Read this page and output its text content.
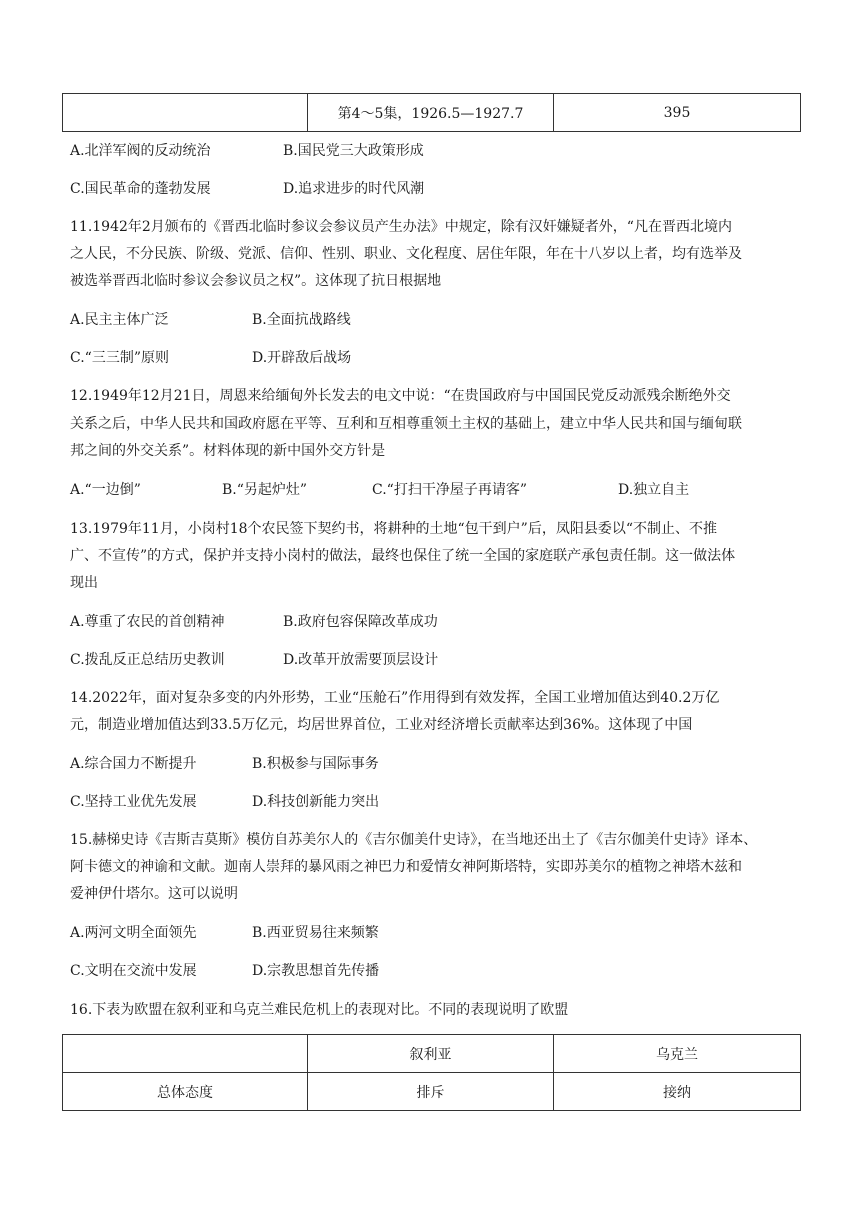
	第4～5集，1926.5—1927.7	395
A.北洋军阀的反动统治	B.国民党三大政策形成
C.国民革命的蓬勃发展	D.追求进步的时代风潮
11.1942年2月颁布的《晋西北临时参议会参议员产生办法》中规定，除有汉奸嫌疑者外，“凡在晋西北境内
之人民，不分民族、阶级、党派、信仰、性别、职业、文化程度、居住年限，年在十八岁以上者，均有选举及
被选举晋西北临时参议会参议员之权”。这体现了抗日根据地
A.民主主体广泛	B.全面抗战路线
C.“三三制”原则	D.开辟敌后战场
12.1949年12月21日，周恩来给缅甸外长发去的电文中说：“在贵国政府与中国国民党反动派残余断绝外交
关系之后，中华人民共和国政府愿在平等、互利和互相尊重领土主权的基础上，建立中华人民共和国与缅甸联
邦之间的外交关系”。材料体现的新中国外交方针是
A.“一边倒”	B.“另起炉灶”	C.“打扫干净屋子再请客”	D.独立自主
13.1979年11月，小岗村18个农民签下契约书，将耕种的土地“包干到户”后，凤阳县委以“不制止、不推
广、不宣传”的方式，保护并支持小岗村的做法，最终也保住了统一全国的家庭联产承包责任制。这一做法体
现出
A.尊重了农民的首创精神	B.政府包容保障改革成功
C.拨乱反正总结历史教训	D.改革开放需要顶层设计
14.2022年，面对复杂多变的内外形势，工业“压舱石”作用得到有效发挥，全国工业增加值达到40.2万亿
元，制造业增加值达到33.5万亿元，均居世界首位，工业对经济增长贡献率达到36%。这体现了中国
A.综合国力不断提升	B.积极参与国际事务
C.坚持工业优先发展	D.科技创新能力突出
15.赫梯史诗《吉斯吉莫斯》模仿自苏美尔人的《吉尔伽美什史诗》，在当地还出土了《吉尔伽美什史诗》译本、
阿卡德文的神谕和文献。迦南人崇拜的暴风雨之神巴力和爱情女神阿斯塔特，实即苏美尔的植物之神塔木兹和
爱神伊什塔尔。这可以说明
A.两河文明全面领先	B.西亚贸易往来频繁
C.文明在交流中发展	D.宗教思想首先传播
16.下表为欧盟在叙利亚和乌克兰难民危机上的表现对比。不同的表现说明了欧盟
	叙利亚	乌克兰
总体态度	排斥	接纳
